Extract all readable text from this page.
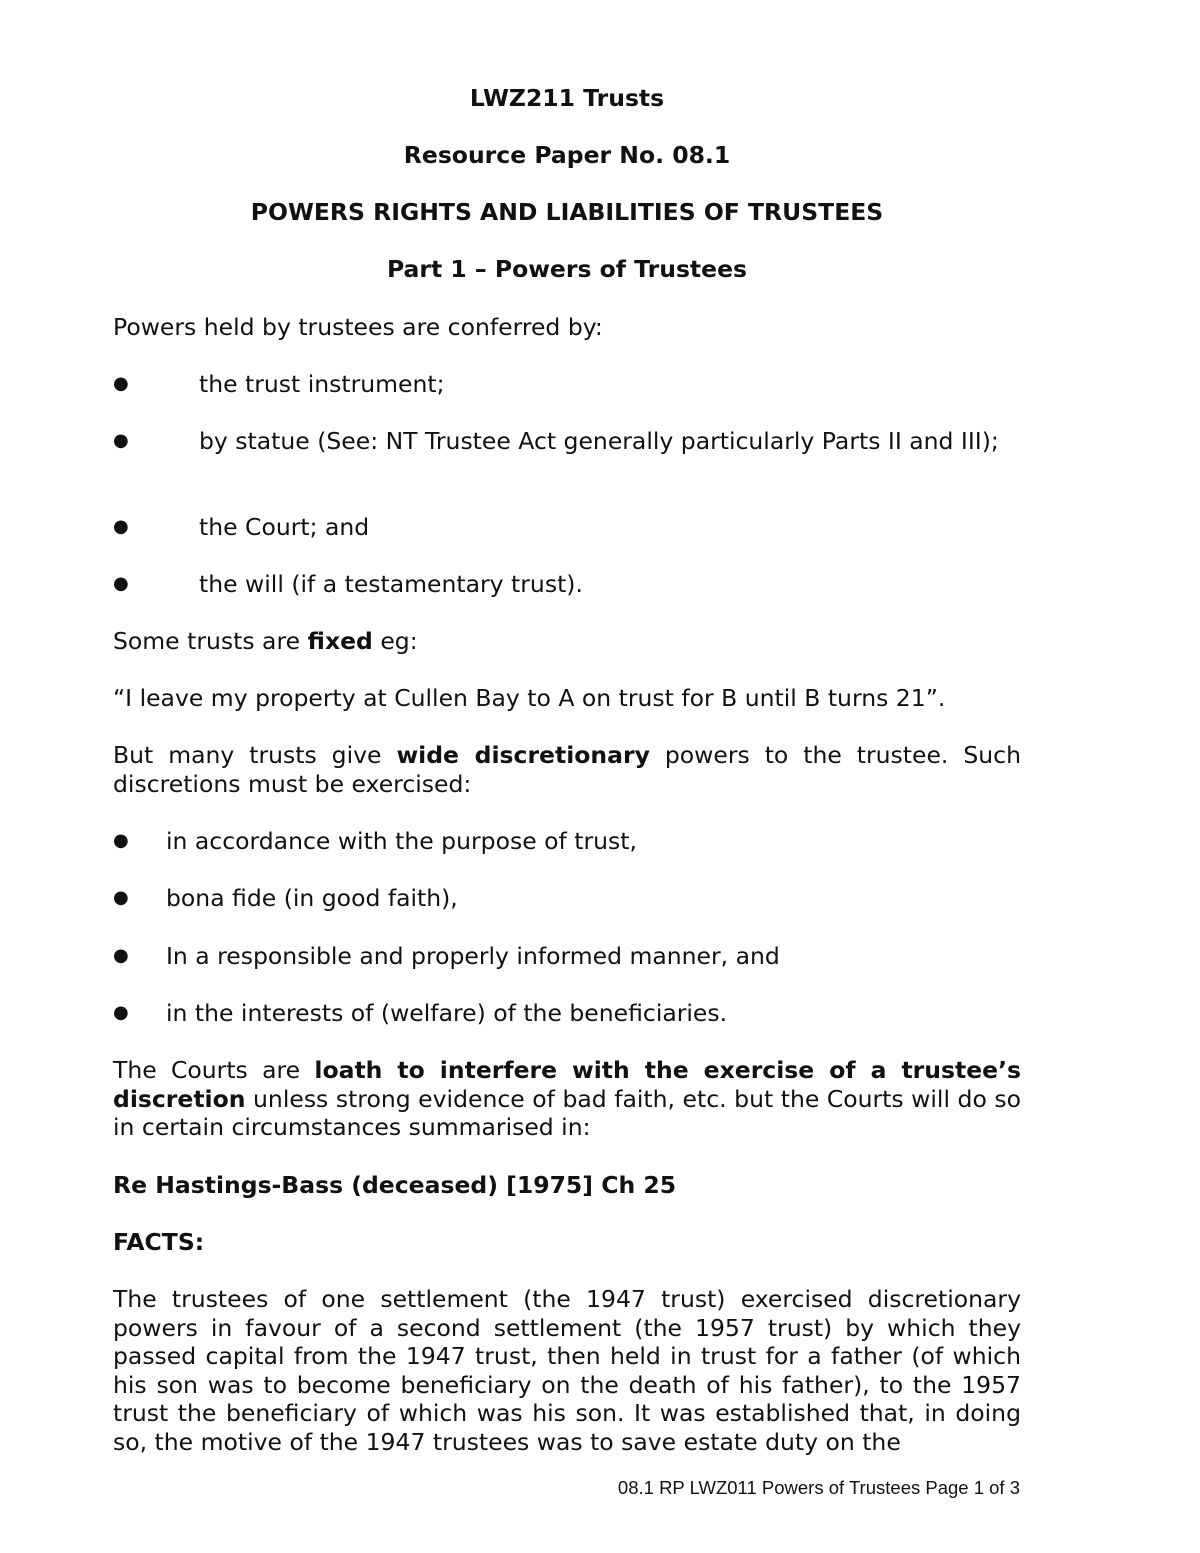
LWZ211 Trusts
Resource Paper No. 08.1
POWERS RIGHTS AND LIABILITIES OF TRUSTEES
Part 1 – Powers of Trustees
Powers held by trustees are conferred by:
●	the trust instrument;
●	by statue (See: NT Trustee Act generally particularly Parts II and III);
●	the Court; and
●	the will (if a testamentary trust).
Some trusts are fixed eg:
“I leave my property at Cullen Bay to A on trust for B until B turns 21”.
But many trusts give wide discretionary powers to the trustee. Such discretions must be exercised:
● in accordance with the purpose of trust,
● bona fide (in good faith),
● In a responsible and properly informed manner, and
● in the interests of (welfare) of the beneficiaries.
The Courts are loath to interfere with the exercise of a trustee’s discretion unless strong evidence of bad faith, etc. but the Courts will do so in certain circumstances summarised in:
Re Hastings-Bass (deceased) [1975] Ch 25
FACTS:
The trustees of one settlement (the 1947 trust) exercised discretionary powers in favour of a second settlement (the 1957 trust) by which they passed capital from the 1947 trust, then held in trust for a father (of which his son was to become beneficiary on the death of his father), to the 1957 trust the beneficiary of which was his son. It was established that, in doing so, the motive of the 1947 trustees was to save estate duty on the
08.1 RP LWZ011 Powers of Trustees Page 1 of 3
